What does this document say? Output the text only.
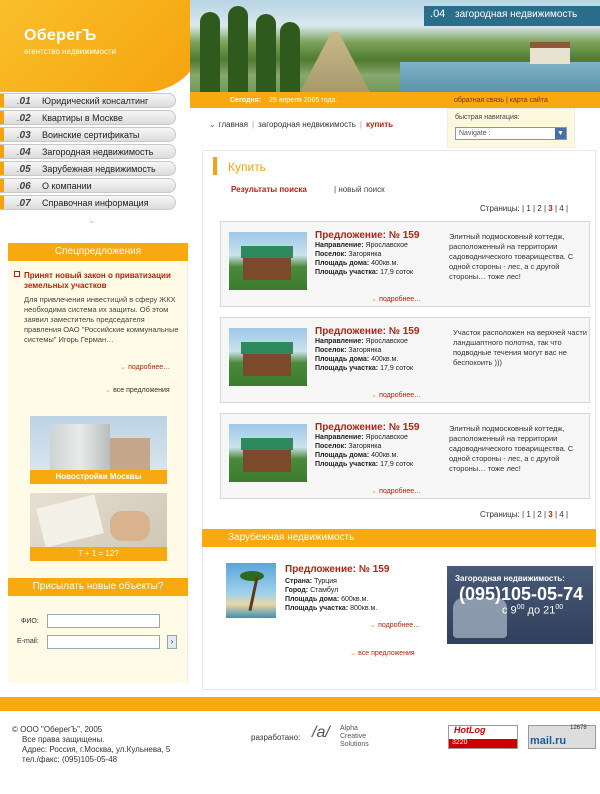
ОберегЪ
агентство недвижимости
.04 загородная недвижимость
Сегодня: 25 апреля 2005 года.	обратная связь | карта сайта
.01 Юридический консалтинг
.02 Квартиры в Москве
.03 Воинские сертификаты
.04 Загородная недвижимость
.05 Зарубежная недвижимость
.06 О компании
.07 Справочная информация
⌄
Спецпредложения
Принят новый закон о приватизации земельных участков
Для привлечения инвестиций в сферу ЖКХ необходима система их защиты. Об этом заявил заместитель председателя правления ОАО "Российские коммунальные системы" Игорь Герман…
⌄ подробнее…
⌄ все предложения
Новостройки Москвы
7 + 1 = 12?
Присылать новые объекты?
ФИО:
E-mail:	›
⌄ главная | загородная недвижимость | купить
быстрая навигация:
Navigate :	▼
Купить
Результаты поиска	| новый поиск
Страницы: | 1 | 2 | 3 | 4 |
Предложение: № 159
Направление: Ярославское
Поселок: Загорянка
Площадь дома: 400кв.м.
Площадь участка: 17,9 соток
Элитный подмосковный коттедж, расположенный на территории садоводнического товарищества. С одной стороны - лес, а с другой стороны… тоже лес!
⌄ подробнее…
Предложение: № 159
Направление: Ярославское
Поселок: Загорянка
Площадь дома: 400кв.м.
Площадь участка: 17,9 соток
Участок расположен на верхней части ландшаптного полотна, так что подводные течения могут вас не беспокоить )))
⌄ подробнее…
Предложение: № 159
Направление: Ярославское
Поселок: Загорянка
Площадь дома: 400кв.м.
Площадь участка: 17,9 соток
Элитный подмосковный коттедж, расположенный на территории садоводнического товарищества. С одной стороны - лес, а с другой стороны… тоже лес!
⌄ подробнее…
Страницы: | 1 | 2 | 3 | 4 |
Зарубежная недвижимость
Предложение: № 159
Страна: Турция
Город: Стамбул
Площадь дома: 600кв.м.
Площадь участка: 800кв.м.
⌄ подробнее…
⌄ все предложения
Загородная недвижимость:
(095)105-05-74
с $9^{00}$ до $21^{00}$
© ООО "ОберегЪ", 2005
Все права защищены.
Адрес: Россия, г.Москва, ул.Кульнева, 5
тел./факс: (095)105-05-48
разработано: /a/	Alpha
Creative
Solutions
HotLog
3220	mail.ru
12678
